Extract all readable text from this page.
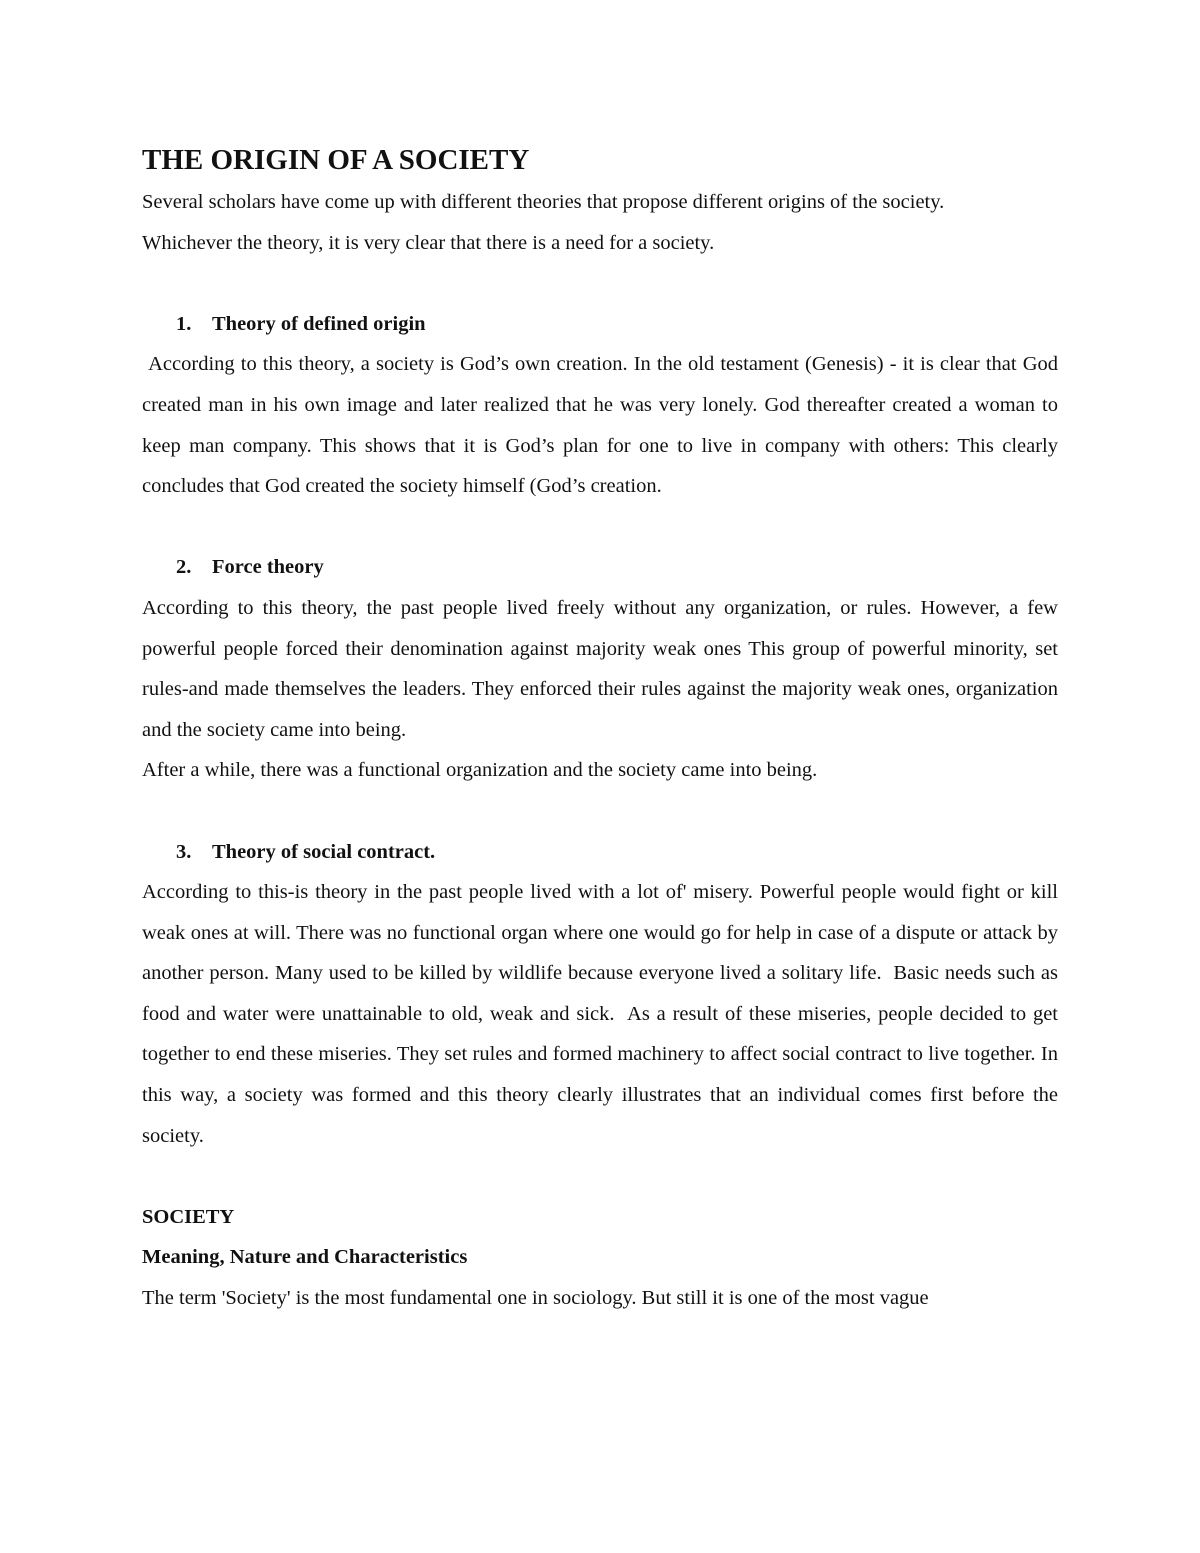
THE ORIGIN OF A SOCIETY

Several scholars have come up with different theories that propose different origins of the society.

Whichever the theory, it is very clear that there is a need for a society.

1. Theory of defined origin

According to this theory, a society is God’s own creation. In the old testament (Genesis) - it is clear that God created man in his own image and later realized that he was very lonely. God thereafter created a woman to keep man company. This shows that it is God’s plan for one to live in company with others: This clearly concludes that God created the society himself (God’s creation.

2. Force theory

According to this theory, the past people lived freely without any organization, or rules. However, a few powerful people forced their denomination against majority weak ones This group of powerful minority, set rules-and made themselves the leaders. They enforced their rules against the majority weak ones, organization and the society came into being.

After a while, there was a functional organization and the society came into being.

3. Theory of social contract.

According to this-is theory in the past people lived with a lot of' misery. Powerful people would fight or kill weak ones at will. There was no functional organ where one would go for help in case of a dispute or attack by another person. Many used to be killed by wildlife because everyone lived a solitary life.  Basic needs such as food and water were unattainable to old, weak and sick.  As a result of these miseries, people decided to get together to end these miseries. They set rules and formed machinery to affect social contract to live together. In this way, a society was formed and this theory clearly illustrates that an individual comes first before the society.

SOCIETY
Meaning, Nature and Characteristics

The term 'Society' is the most fundamental one in sociology. But still it is one of the most vague
